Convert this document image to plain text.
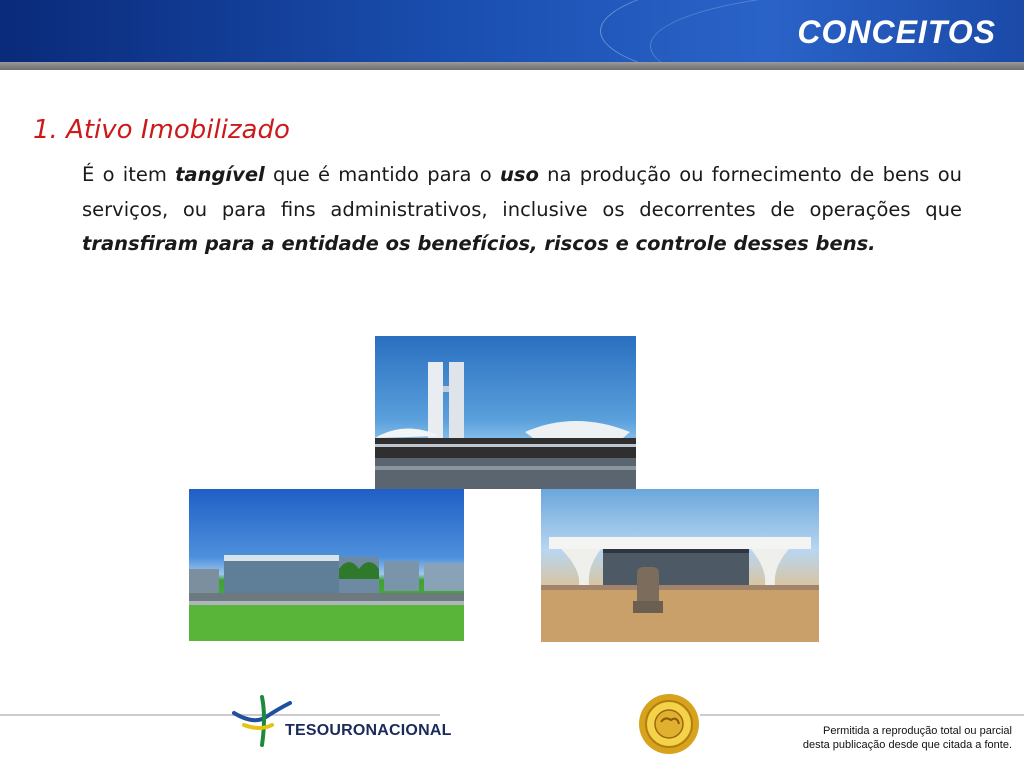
CONCEITOS
1. Ativo Imobilizado
É o item tangível que é mantido para o uso na produção ou fornecimento de bens ou serviços, ou para fins administrativos, inclusive os decorrentes de operações que transfiram para a entidade os benefícios, riscos e controle desses bens.
TESOURONACIONAL	Permitida a reprodução total ou parcial
desta publicação desde que citada a fonte.
